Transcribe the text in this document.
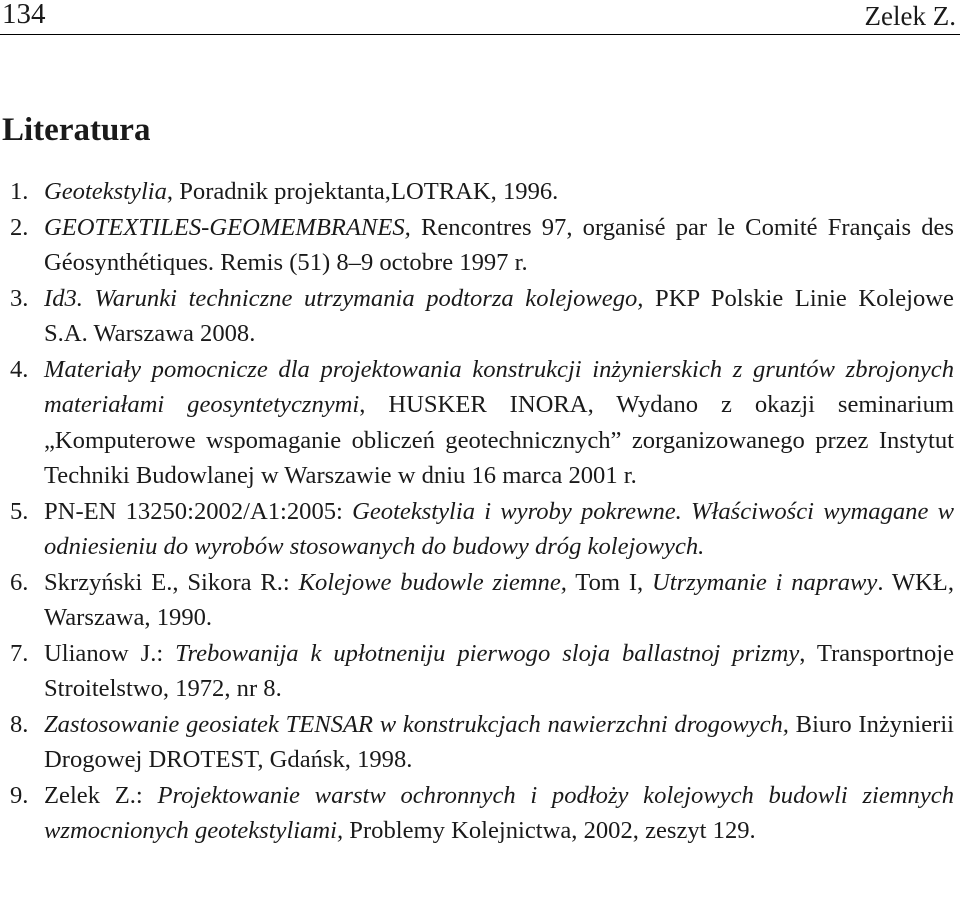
134	Zelek Z.
Literatura
1. Geotekstylia, Poradnik projektanta,LOTRAK, 1996.
2. GEOTEXTILES-GEOMEMBRANES, Rencontres 97, organisé par le Comité Français des Géosynthétiques. Remis (51) 8–9 octobre 1997 r.
3. Id3. Warunki techniczne utrzymania podtorza kolejowego, PKP Polskie Linie Kolejowe S.A. Warszawa 2008.
4. Materiały pomocnicze dla projektowania konstrukcji inżynierskich z gruntów zbrojonych materiałami geosyntetycznymi, HUSKER INORA, Wydano z okazji seminarium „Komputerowe wspomaganie obliczeń geotechnicznych” zorganizowanego przez Instytut Techniki Budowlanej w Warszawie w dniu 16 marca 2001 r.
5. PN-EN 13250:2002/A1:2005: Geotekstylia i wyroby pokrewne. Właściwości wymagane w odniesieniu do wyrobów stosowanych do budowy dróg kolejowych.
6. Skrzyński E., Sikora R.: Kolejowe budowle ziemne, Tom I, Utrzymanie i naprawy. WKŁ, Warszawa, 1990.
7. Ulianow J.: Trebowanija k upłotneniju pierwogo sloja ballastnoj prizmy, Transportnoje Stroitelstwo, 1972, nr 8.
8. Zastosowanie geosiatek TENSAR w konstrukcjach nawierzchni drogowych, Biuro Inżynierii Drogowej DROTEST, Gdańsk, 1998.
9. Zelek Z.: Projektowanie warstw ochronnych i podłoży kolejowych budowli ziemnych wzmocnionych geotekstyliami, Problemy Kolejnictwa, 2002, zeszyt 129.
